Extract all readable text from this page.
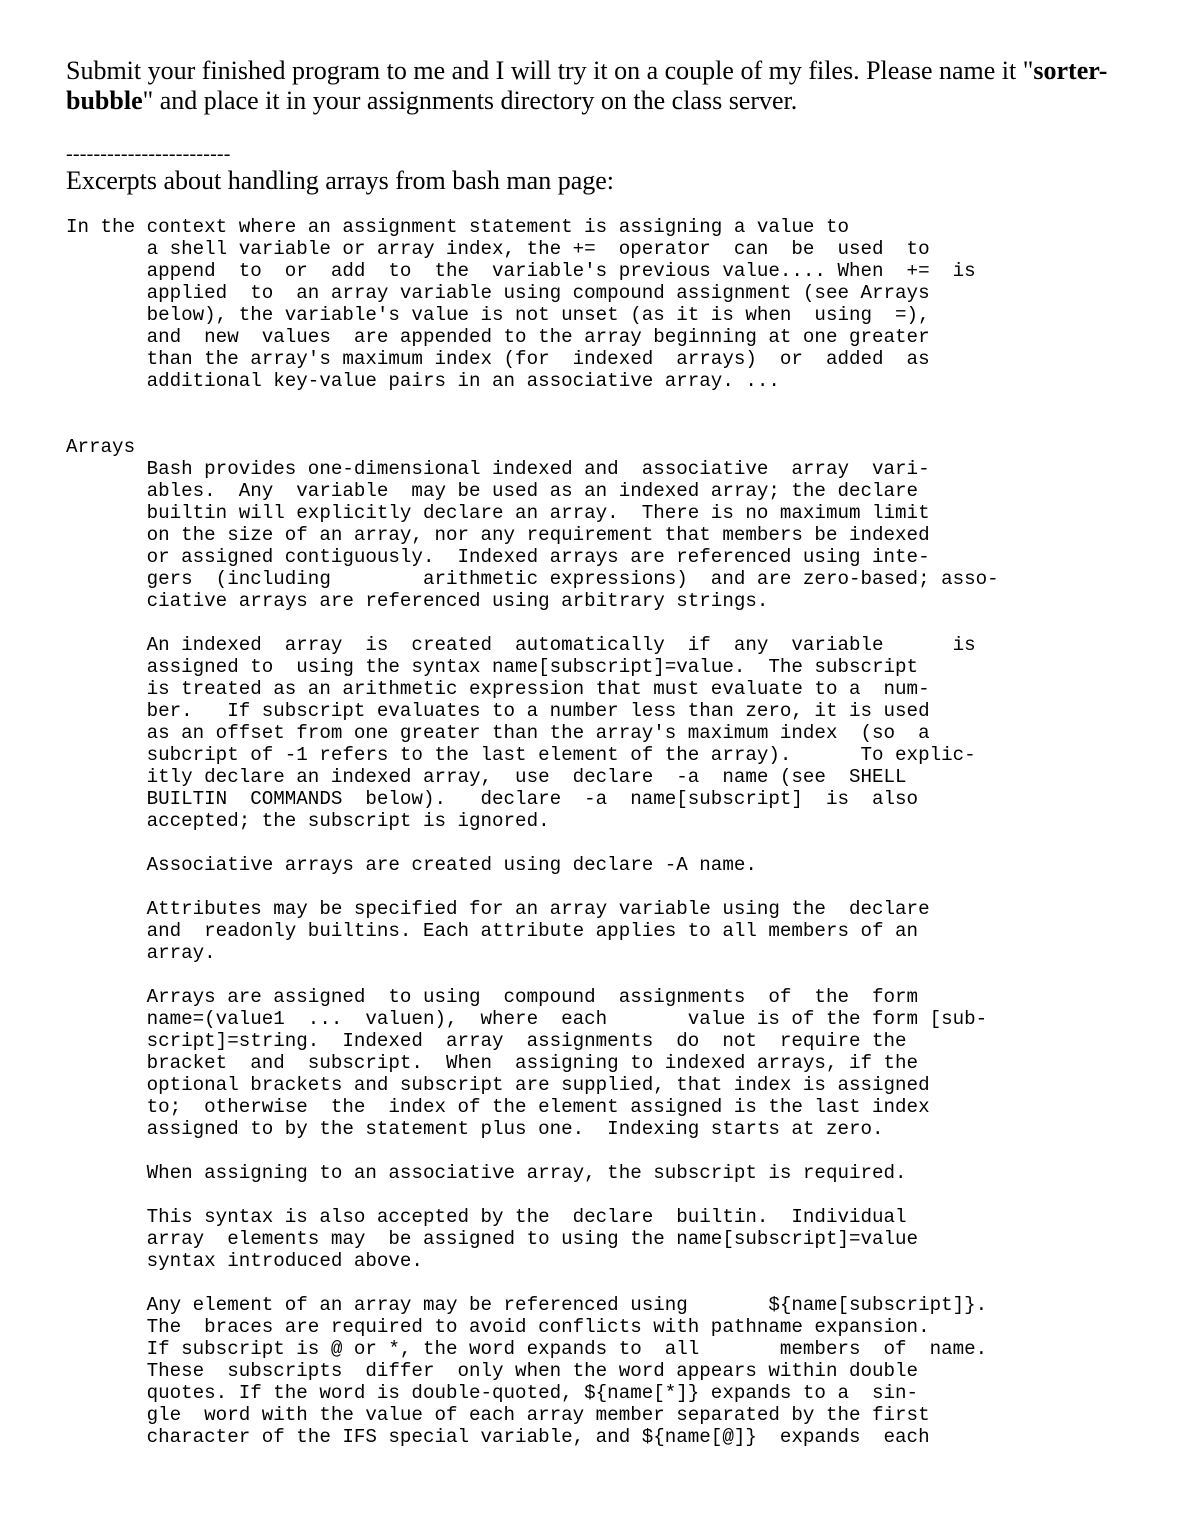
Submit your finished program to me and I will try it on a couple of my files. Please name it "sorter-
bubble" and place it in your assignments directory on the class server.

------------------------

Excerpts about handling arrays from bash man page:

In the context where an assignment statement is assigning a value to
a shell variable or array index, the +=  operator  can  be  used  to
append  to  or  add  to  the  variable's previous value.... When  +=  is
applied  to  an array variable using compound assignment (see Arrays
below), the variable's value is not unset (as it is when  using  =),
and  new  values  are appended to the array beginning at one greater
than the array's maximum index (for  indexed  arrays)  or  added  as
additional key-value pairs in an associative array. ...
Arrays
Bash provides one-dimensional indexed and  associative  array  vari-
ables.  Any  variable  may be used as an indexed array; the declare
builtin will explicitly declare an array.  There is no maximum limit
on the size of an array, nor any requirement that members be indexed
or assigned contiguously.  Indexed arrays are referenced using inte-
gers  (including        arithmetic expressions)  and are zero-based; asso-
ciative arrays are referenced using arbitrary strings.
An indexed  array  is  created  automatically  if  any  variable      is
assigned to  using the syntax name[subscript]=value.  The subscript
is treated as an arithmetic expression that must evaluate to a  num-
ber.   If subscript evaluates to a number less than zero, it is used
as an offset from one greater than the array's maximum index  (so  a
subcript of -1 refers to the last element of the array).      To explic-
itly declare an indexed array,  use  declare  -a  name (see  SHELL
BUILTIN  COMMANDS  below).   declare  -a  name[subscript]  is  also
accepted; the subscript is ignored.
Associative arrays are created using declare -A name.
Attributes may be specified for an array variable using the  declare
and  readonly builtins. Each attribute applies to all members of an
array.
Arrays are assigned  to using  compound  assignments  of  the  form
name=(value1  ...  valuen),  where  each       value is of the form [sub-
script]=string.  Indexed  array  assignments  do  not  require the
bracket  and  subscript.  When  assigning to indexed arrays, if the
optional brackets and subscript are supplied, that index is assigned
to;  otherwise  the  index of the element assigned is the last index
assigned to by the statement plus one.  Indexing starts at zero.
When assigning to an associative array, the subscript is required.
This syntax is also accepted by the  declare  builtin.  Individual
array  elements may  be assigned to using the name[subscript]=value
syntax introduced above.
Any element of an array may be referenced using       ${name[subscript]}.
The  braces are required to avoid conflicts with pathname expansion.
If subscript is @ or *, the word expands to  all       members  of  name.
These  subscripts  differ  only when the word appears within double
quotes. If the word is double-quoted, ${name[*]} expands to a  sin-
gle  word with the value of each array member separated by the first
character of the IFS special variable, and ${name[@]}  expands  each
